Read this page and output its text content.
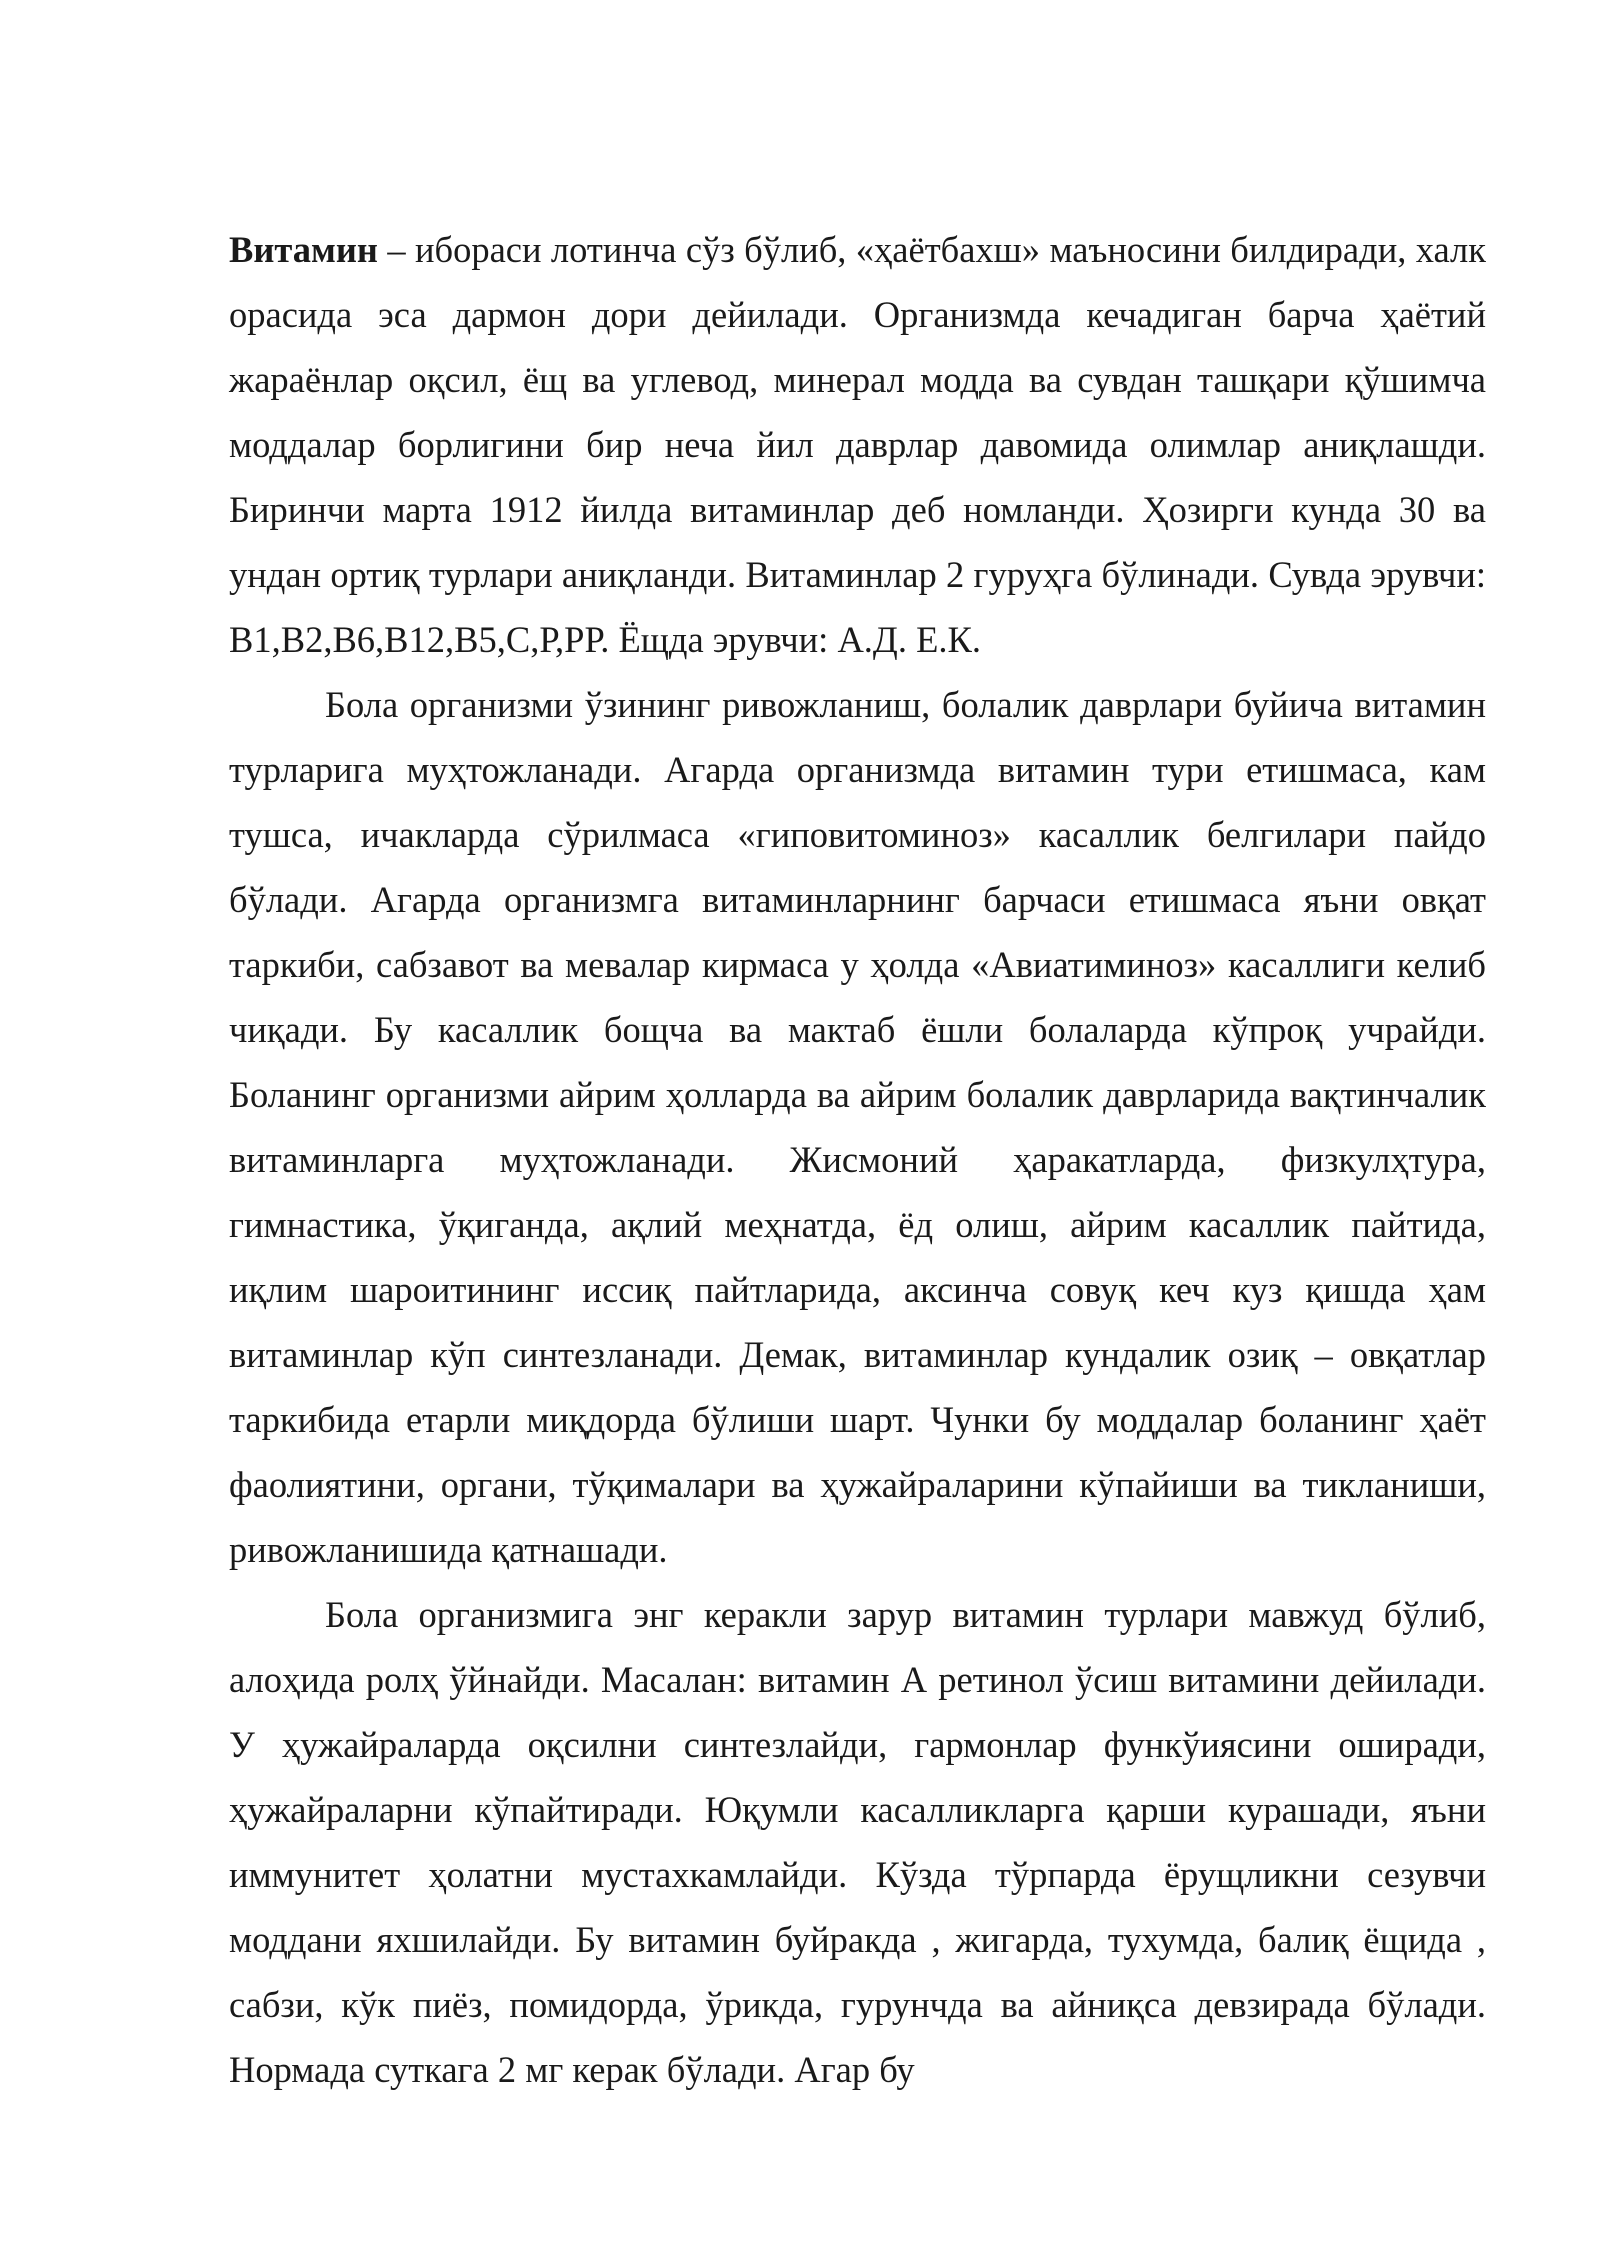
Витамин – ибораси лотинча сўз бўлиб, «ҳаётбахш» маъносини билдиради, халк орасида эса дармон дори дейилади. Организмда кечадиган барча ҳаётий жараёнлар оқсил, ёщ ва углевод, минерал модда ва сувдан ташқари қўшимча моддалар борлигини бир неча йил даврлар давомида олимлар аниқлашди. Биринчи марта 1912 йилда витаминлар деб номланди. Ҳозирги кунда 30 ва ундан ортиқ турлари аниқланди. Витаминлар 2 гуруҳга бўлинади. Сувда эрувчи: В1,В2,В6,В12,В5,С,Р,РР. Ёщда эрувчи: А.Д. Е.К.

Бола организми ўзининг ривожланиш, болалик даврлари буйича витамин турларига муҳтожланади. Агарда организмда витамин тури етишмаса, кам тушса, ичакларда сўрилмаса «гиповитоминоз» касаллик белгилари пайдо бўлади. Агарда организмга витаминларнинг барчаси етишмаса яъни овқат таркиби, сабзавот ва мевалар кирмаса у ҳолда «Авиатиминоз» касаллиги келиб чиқади. Бу касаллик бощча ва мактаб ёшли болаларда кўпроқ учрайди. Боланинг организми айрим ҳолларда ва айрим болалик даврларида вақтинчалик витаминларга муҳтожланади. Жисмоний ҳаракатларда, физкулҳтура, гимнастика, ўқиганда, ақлий меҳнатда, ёд олиш, айрим касаллик пайтида, иқлим шароитининг иссиқ пайтларида, аксинча совуқ кеч куз қишда ҳам витаминлар кўп синтезланади. Демак, витаминлар кундалик озиқ – овқатлар таркибида етарли миқдорда бўлиши шарт. Чунки бу моддалар боланинг ҳаёт фаолиятини, органи, тўқималари ва ҳужайраларини кўпайиши ва тикланиши, ривожланишида қатнашади.

Бола организмига энг керакли зарур витамин турлари мавжуд бўлиб, алоҳида ролҳ ўйнайди. Масалан: витамин А ретинол ўсиш витамини дейилади. У ҳужайраларда оқсилни синтезлайди, гармонлар функўиясини оширади, ҳужайраларни кўпайтиради. Юқумли касалликларга қарши курашади, яъни иммунитет ҳолатни мустахкамлайди. Кўзда тўрпарда ёрущликни сезувчи моддани яхшилайди. Бу витамин буйракда , жигарда, тухумда, балиқ ёщида , сабзи, кўк пиёз, помидорда, ўрикда, гурунчда ва айниқса девзирада бўлади. Нормада суткага 2 мг керак бўлади. Агар бу
